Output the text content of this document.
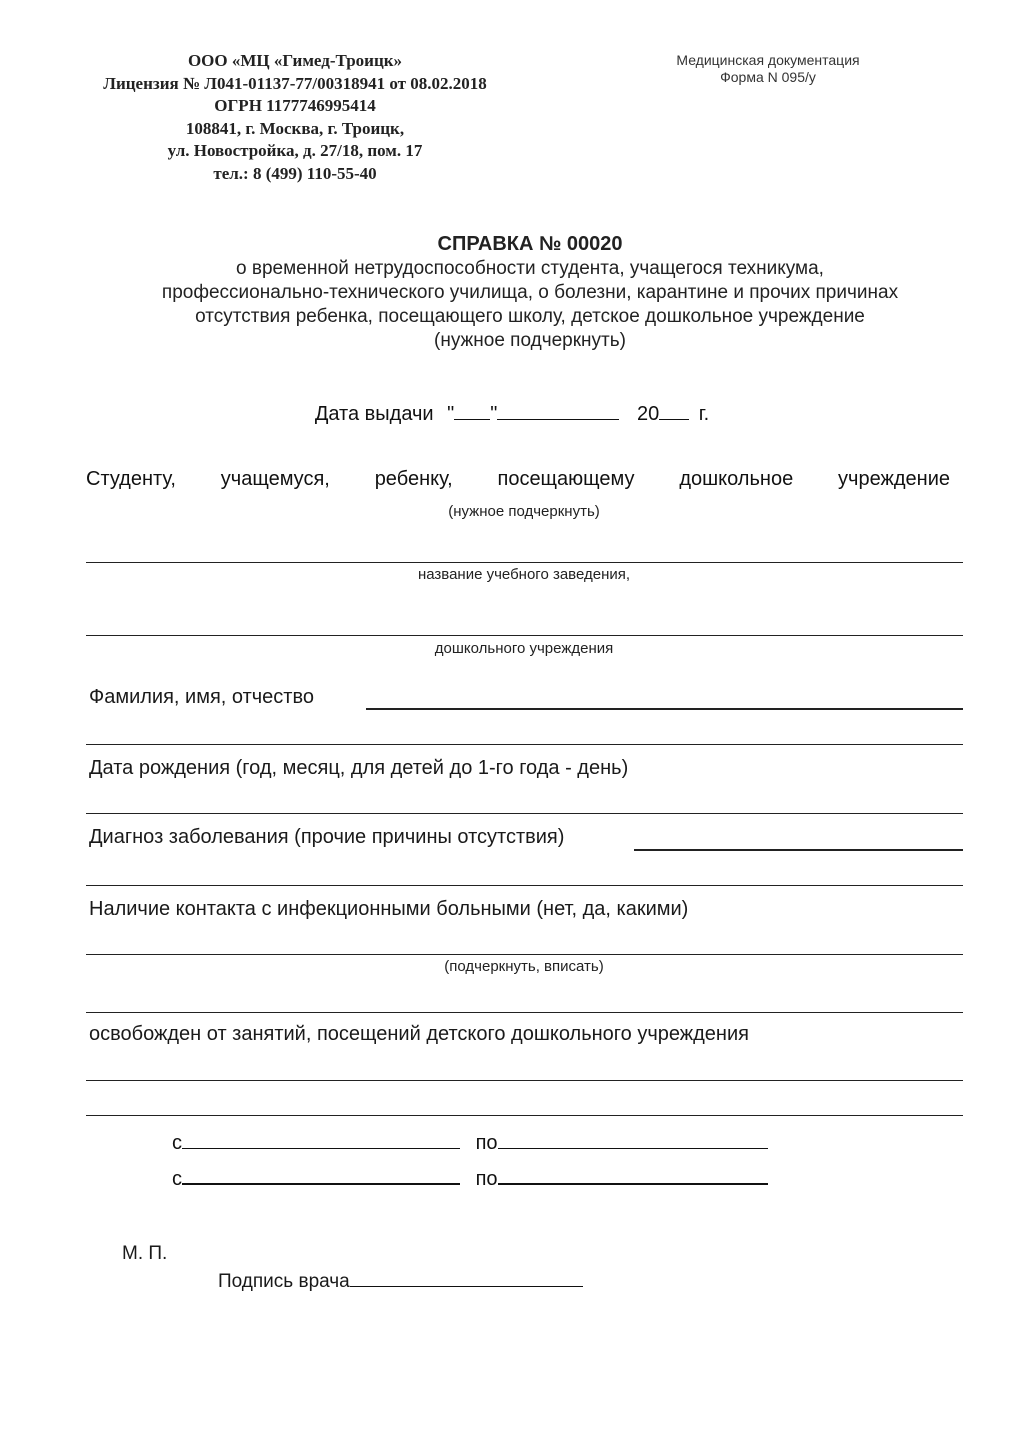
ООО «МЦ «Гимед-Троицк»
Лицензия № Л041-01137-77/00318941 от 08.02.2018
ОГРН 1177746995414
108841, г. Москва, г. Троицк,
ул. Новостройка, д. 27/18, пом. 17
тел.: 8 (499) 110-55-40
Медицинская документация
Форма N 095/у
СПРАВКА № 00020
о временной нетрудоспособности студента, учащегося техникума,
профессионально-технического училища, о болезни, карантине и прочих причинах
отсутствия ребенка, посещающего школу, детское дошкольное учреждение
(нужное подчеркнуть)
Дата выдачи " "	20 г.
Студенту, учащемуся, ребенку, посещающему дошкольное учреждение
(нужное подчеркнуть)
название учебного заведения,
дошкольного учреждения
Фамилия, имя, отчество
Дата рождения (год, месяц, для детей до 1-го года - день)
Диагноз заболевания (прочие причины отсутствия)
Наличие контакта с инфекционными больными (нет, да, какими)
(подчеркнуть, вписать)
освобожден от занятий, посещений детского дошкольного учреждения
с	по
с	по
М. П.
Подпись врача
